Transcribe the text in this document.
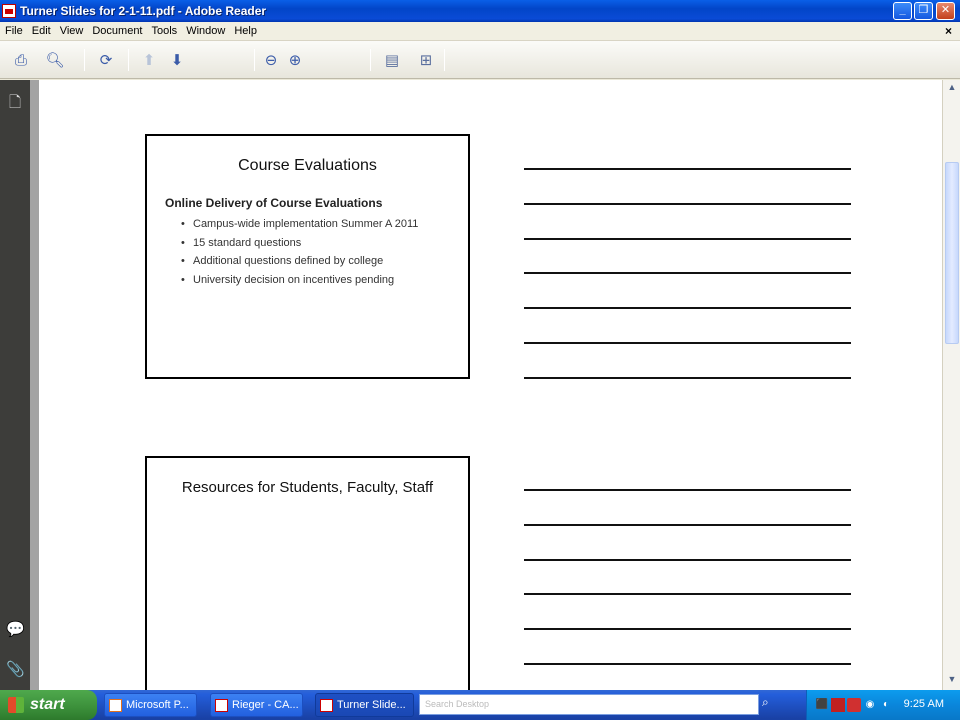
Turner Slides for 2-1-11.pdf - Adobe Reader	_	❐	✕
File Edit View Document Tools Window Help	×
⎙	🔍︎	⟳	⬆	⬇	⊖ ⊕	▤	⊞
🗋
💬
📎
Course Evaluations
Online Delivery of Course Evaluations
• Campus-wide implementation Summer A 2011
• 15 standard questions
• Additional questions defined by college
• University decision on incentives pending
Resources for Students, Faculty, Staff
▲
▼
start	Microsoft P...	Rieger - CA...	Turner Slide...	Search Desktop	⌕	⬛	◉ ◐	9:25 AM
